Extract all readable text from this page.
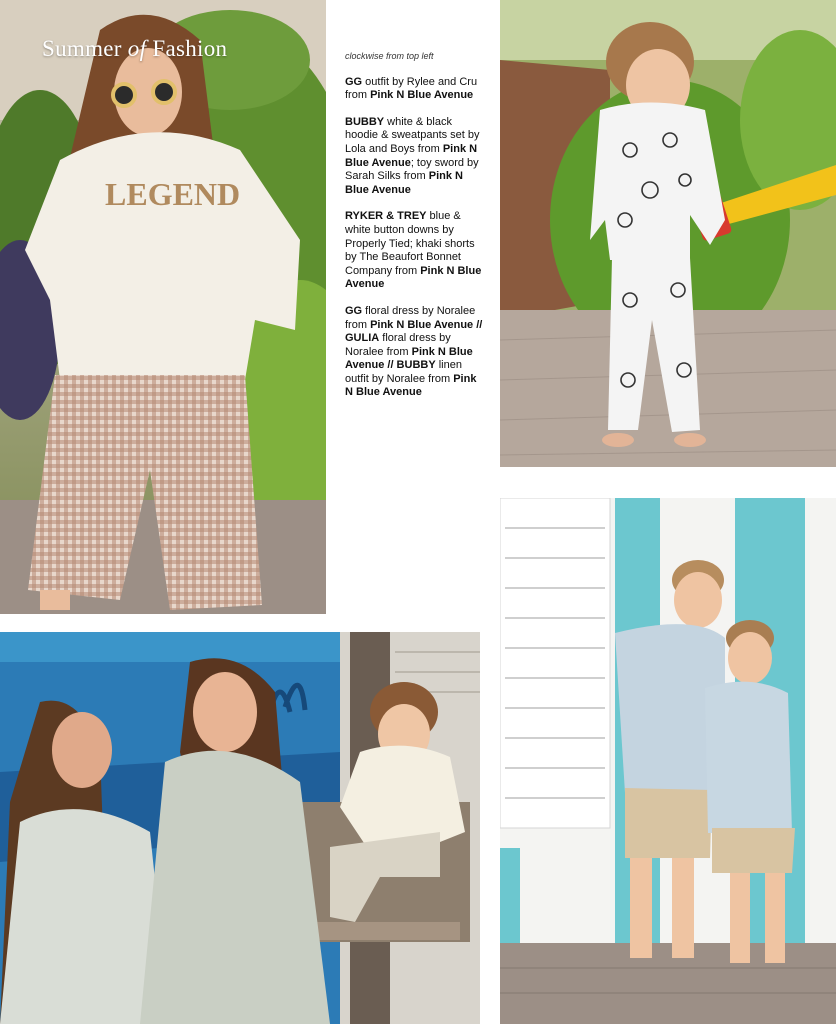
LEGEND
Summer of Fashion	clockwise from top left

GG outfit by Rylee and Cru from Pink N Blue Avenue

BUBBY white & black hoodie & sweatpants set by Lola and Boys from Pink N Blue Avenue; toy sword by Sarah Silks from Pink N Blue Avenue

RYKER & TREY blue & white button downs by Properly Tied; khaki shorts by The Beaufort Bonnet Company from Pink N Blue Avenue

GG floral dress by Noralee from Pink N Blue Avenue // GULIA floral dress by Noralee from Pink N Blue Avenue // BUBBY linen outfit by Noralee from Pink N Blue Avenue
